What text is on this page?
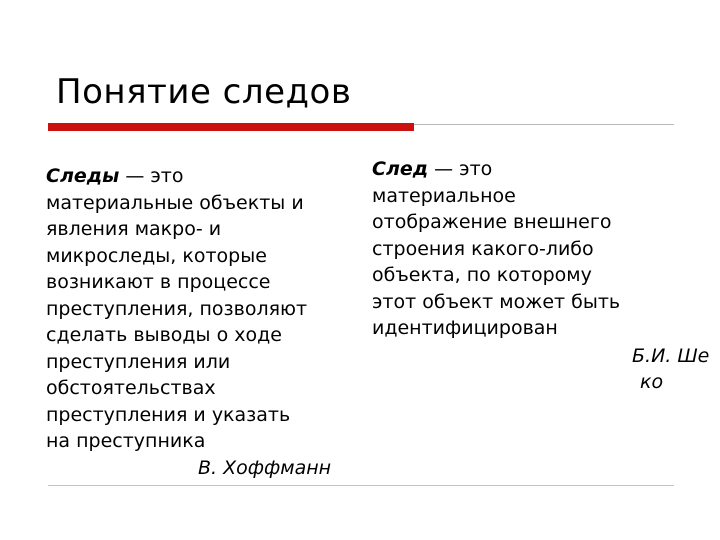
Понятие следов
Следы — это
материальные объекты и
явления макро- и
микроследы, которые
возникают в процессе
преступления, позволяют
сделать выводы о ходе
преступления или
обстоятельствах
преступления и указать
на преступника
В. Хоффманн
След — это
материальное
отображение внешнего
строения какого-либо
объекта, по которому
этот объект может быть
идентифицирован
Б.И. Ше
ко
